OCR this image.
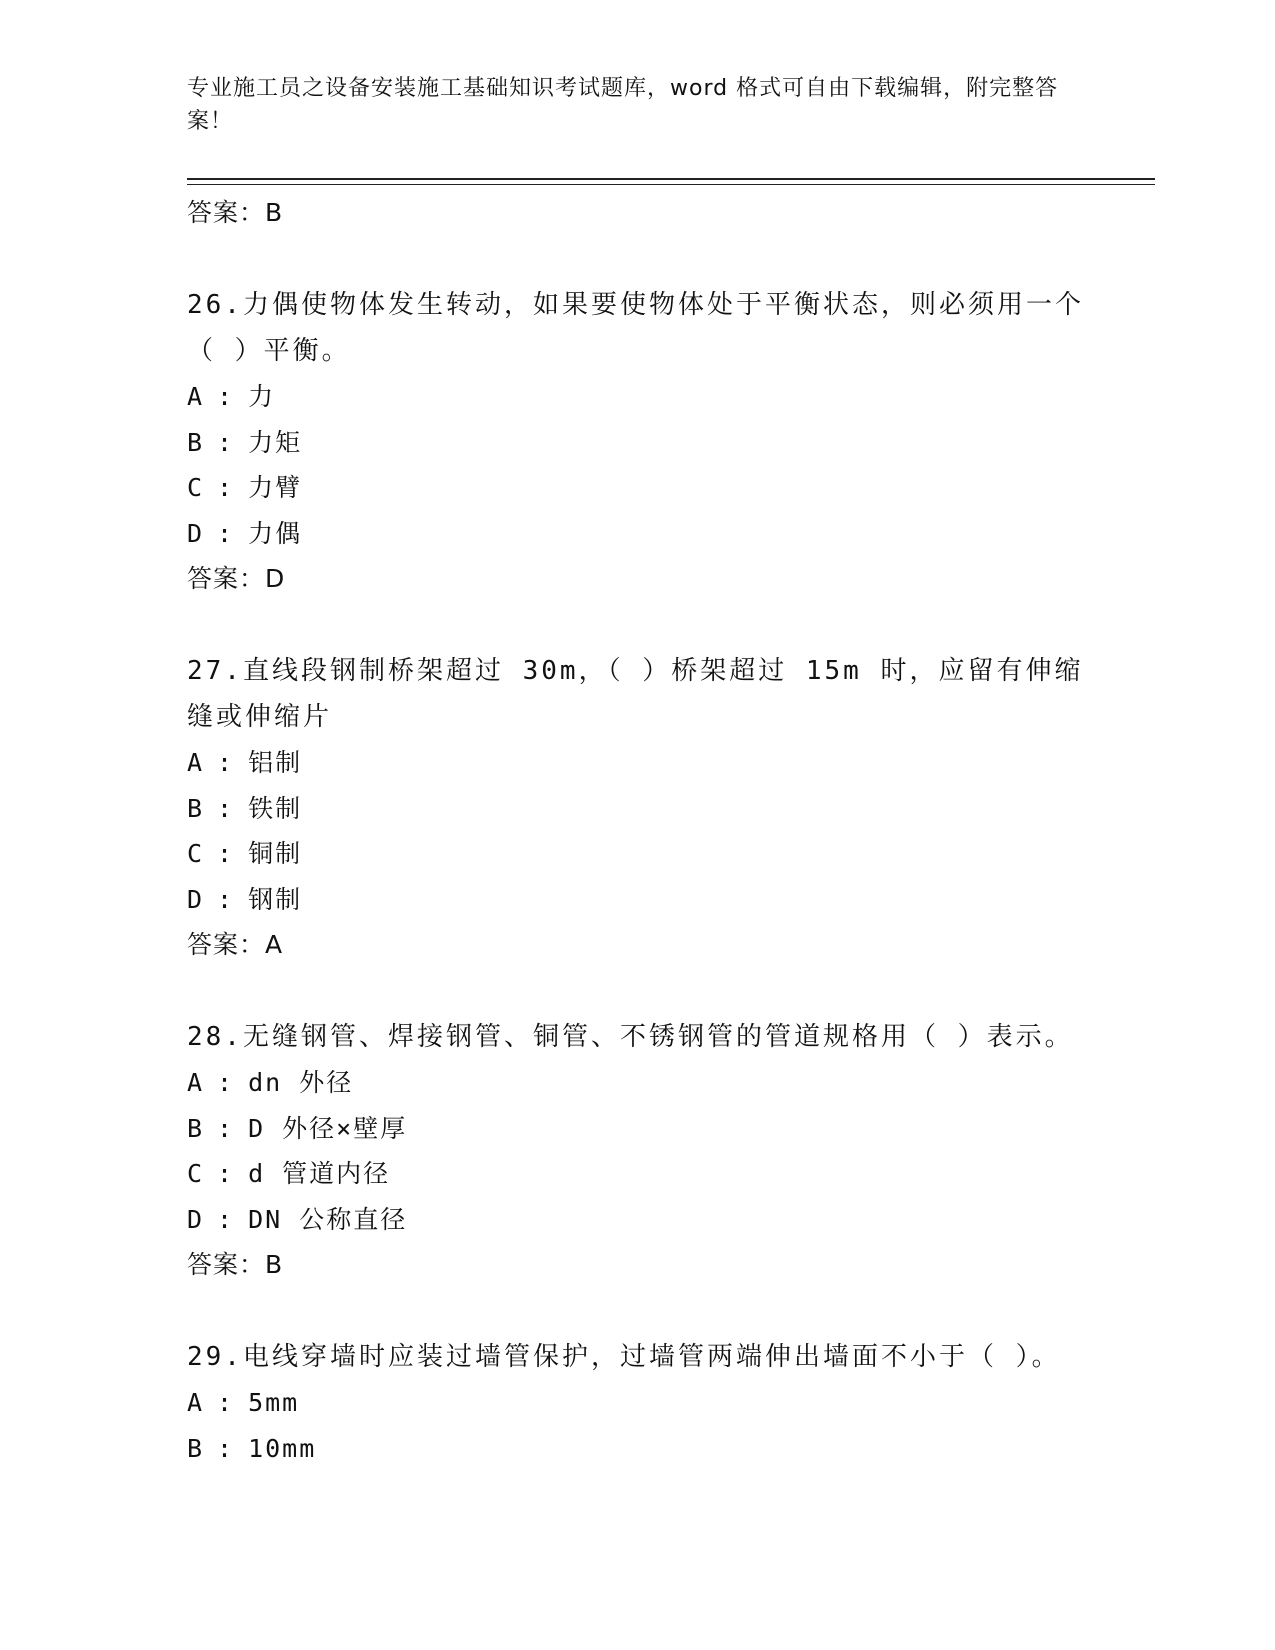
专业施工员之设备安装施工基础知识考试题库，word 格式可自由下载编辑，附完整答案！
答案：B
26.力偶使物体发生转动，如果要使物体处于平衡状态，则必须用一个（ ）平衡。
A : 力
B : 力矩
C : 力臂
D : 力偶
答案：D
27.直线段钢制桥架超过 30m，（ ）桥架超过 15m 时，应留有伸缩缝或伸缩片
A : 铝制
B : 铁制
C : 铜制
D : 钢制
答案：A
28.无缝钢管、焊接钢管、铜管、不锈钢管的管道规格用（ ）表示。
A : dn 外径
B : D 外径×壁厚
C : d 管道内径
D : DN 公称直径
答案：B
29.电线穿墙时应装过墙管保护，过墙管两端伸出墙面不小于（ ）。
A : 5mm
B : 10mm
